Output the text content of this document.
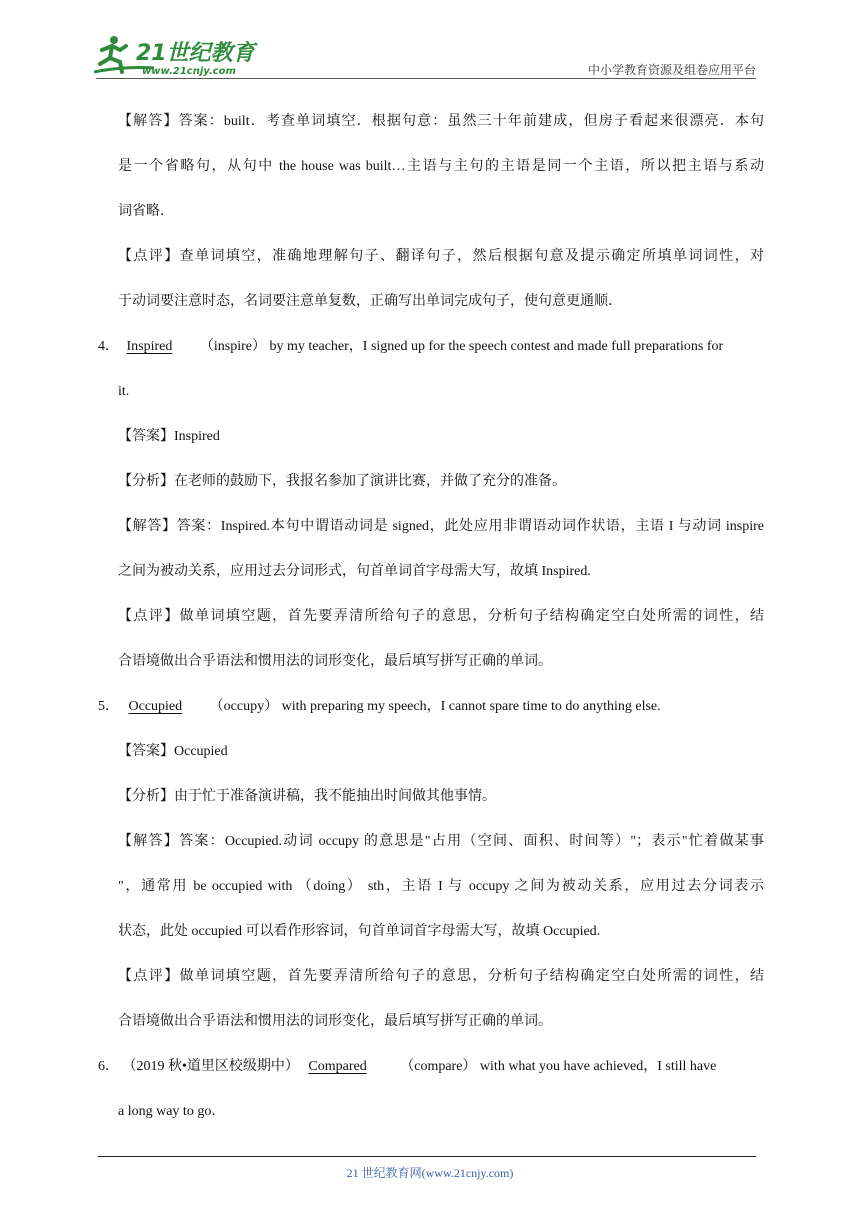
21世纪教育
www.21cnjy.com	中小学教育资源及组卷应用平台
【解答】答案：built．考查单词填空．根据句意：虽然三十年前建成，但房子看起来很漂亮．本句
是一个省略句，从句中 the house was built…主语与主句的主语是同一个主语，所以把主语与系动
词省略．
【点评】查单词填空，准确地理解句子、翻译句子，然后根据句意及提示确定所填单词词性，对
于动词要注意时态，名词要注意单复数，正确写出单词完成句子，使句意更通顺．
4． Inspired （inspire） by my teacher，I signed up for the speech contest and made full preparations for
it.
【答案】Inspired
【分析】在老师的鼓励下，我报名参加了演讲比赛，并做了充分的准备。
【解答】答案：Inspired.本句中谓语动词是 signed，此处应用非谓语动词作状语，主语 I 与动词 inspire
之间为被动关系，应用过去分词形式，句首单词首字母需大写，故填 Inspired.
【点评】做单词填空题，首先要弄清所给句子的意思，分析句子结构确定空白处所需的词性，结
合语境做出合乎语法和惯用法的词形变化，最后填写拼写正确的单词。
5． Occupied （occupy） with preparing my speech，I cannot spare time to do anything else.
【答案】Occupied
【分析】由于忙于准备演讲稿，我不能抽出时间做其他事情。
【解答】答案：Occupied.动词 occupy 的意思是"占用（空间、面积、时间等）"；表示"忙着做某事
"，通常用 be occupied with （doing） sth，主语 I 与 occupy 之间为被动关系，应用过去分词表示
状态，此处 occupied 可以看作形容词，句首单词首字母需大写，故填 Occupied.
【点评】做单词填空题，首先要弄清所给句子的意思，分析句子结构确定空白处所需的词性，结
合语境做出合乎语法和惯用法的词形变化，最后填写拼写正确的单词。
6． （2019 秋•道里区校级期中） Compared （compare） with what you have achieved，I still have
a long way to go．
21 世纪教育网(www.21cnjy.com)
